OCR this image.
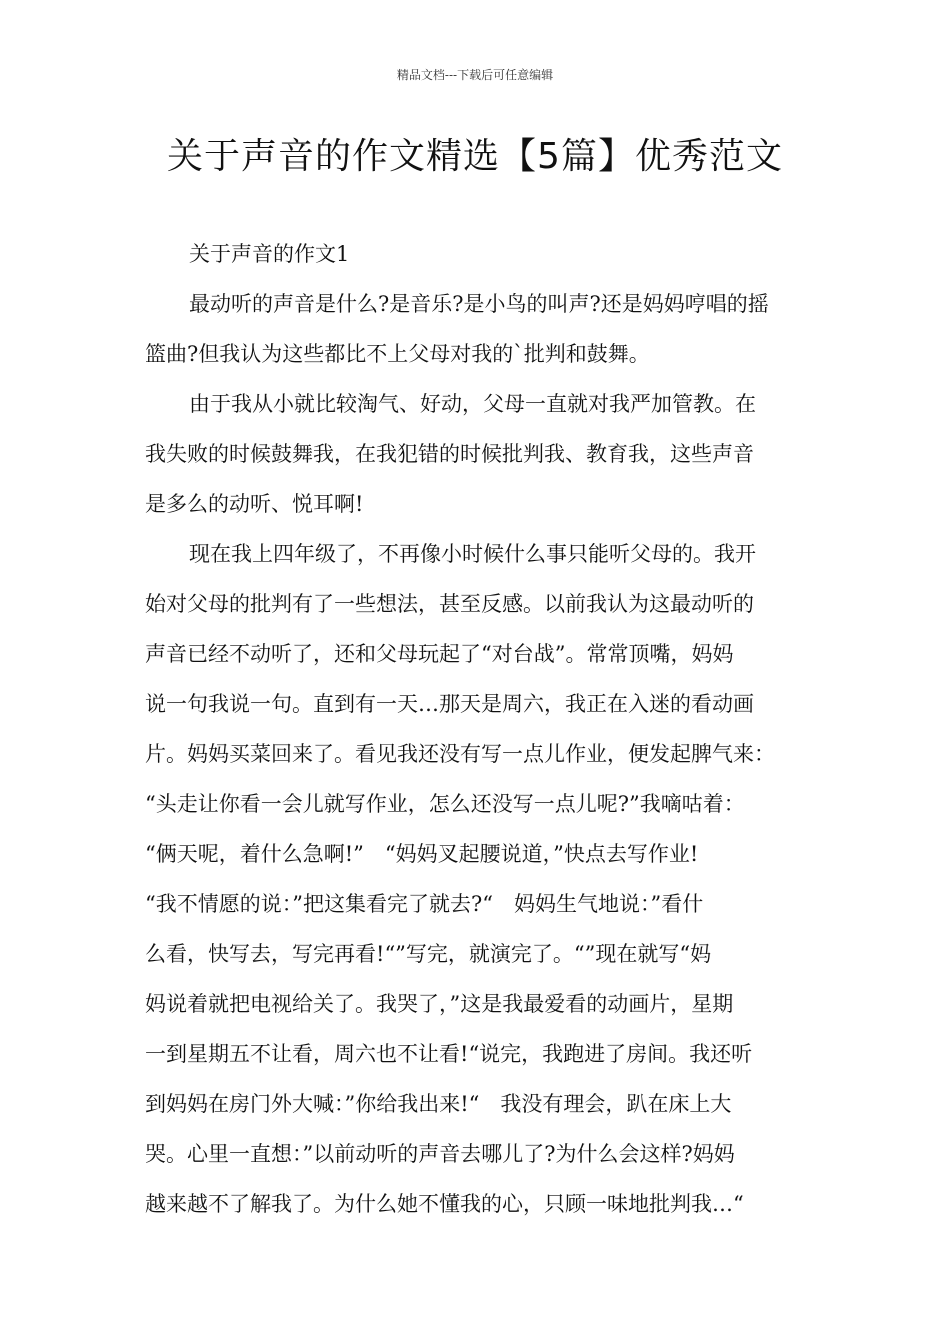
精品文档---下载后可任意编辑
关于声音的作文精选【5篇】优秀范文
关于声音的作文1
最动听的声音是什么?是音乐?是小鸟的叫声?还是妈妈哼唱的摇
篮曲?但我认为这些都比不上父母对我的`批判和鼓舞。
由于我从小就比较淘气、好动，父母一直就对我严加管教。在
我失败的时候鼓舞我，在我犯错的时候批判我、教育我，这些声音
是多么的动听、悦耳啊!
现在我上四年级了，不再像小时候什么事只能听父母的。我开
始对父母的批判有了一些想法，甚至反感。以前我认为这最动听的
声音已经不动听了，还和父母玩起了“对台战”。常常顶嘴，妈妈
说一句我说一句。直到有一天…那天是周六，我正在入迷的看动画
片。妈妈买菜回来了。看见我还没有写一点儿作业，便发起脾气来：
“头走让你看一会儿就写作业，怎么还没写一点儿呢?”我嘀咕着：
“俩天呢，着什么急啊!”　“妈妈叉起腰说道，”快点去写作业!
“我不情愿的说：”把这集看完了就去?“　妈妈生气地说：”看什
么看，快写去，写完再看!“”写完，就演完了。“”现在就写“妈
妈说着就把电视给关了。我哭了，”这是我最爱看的动画片，星期
一到星期五不让看，周六也不让看!“说完，我跑进了房间。我还听
到妈妈在房门外大喊：”你给我出来!“　我没有理会，趴在床上大
哭。心里一直想：”以前动听的声音去哪儿了?为什么会这样?妈妈
越来越不了解我了。为什么她不懂我的心，只顾一味地批判我…“
